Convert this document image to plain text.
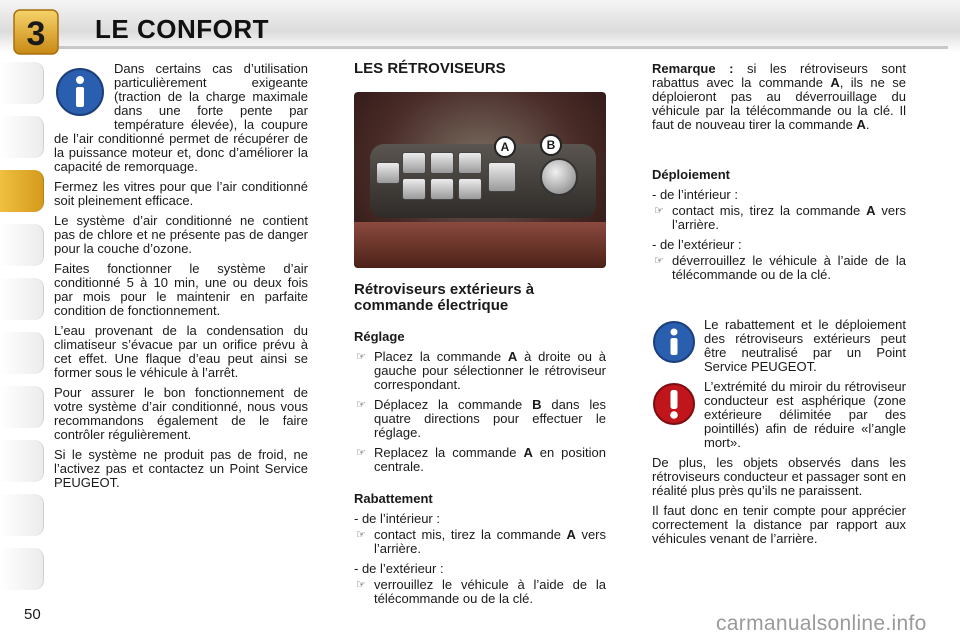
3 LE CONFORT

Dans certains cas d’utilisation particulièrement exigeante (traction de la charge maximale dans une forte pente par température élevée), la coupure de l’air conditionné permet de récupérer de la puissance moteur et, donc d’améliorer la capacité de remorquage.

Fermez les vitres pour que l’air conditionné soit pleinement efficace.

Le système d’air conditionné ne contient pas de chlore et ne présente pas de danger pour la couche d’ozone.

Faites fonctionner le système d’air conditionné 5 à 10 min, une ou deux fois par mois pour le maintenir en parfaite condition de fonctionnement.

L’eau provenant de la condensation du climatiseur s’évacue par un orifice prévu à cet effet. Une flaque d’eau peut ainsi se former sous le véhicule à l’arrêt.

Pour assurer le bon fonctionnement de votre système d’air conditionné, nous vous recommandons également de le faire contrôler régulièrement.

Si le système ne produit pas de froid, ne l’activez pas et contactez un Point Service PEUGEOT.

LES RÉTROVISEURS
A	B
Rétroviseurs extérieurs à commande électrique
Réglage
☞ Placez la commande A à droite ou à gauche pour sélectionner le rétroviseur correspondant.
☞ Déplacez la commande B dans les quatre directions pour effectuer le réglage.
☞ Replacez la commande A en position centrale.
Rabattement
- de l’intérieur :
☞ contact mis, tirez la commande A vers l’arrière.
- de l’extérieur :
☞ verrouillez le véhicule à l’aide de la télécommande ou de la clé.

Remarque : si les rétroviseurs sont rabattus avec la commande A, ils ne se déploieront pas au déverrouillage du véhicule par la télécommande ou la clé. Il faut de nouveau tirer la commande A.

Déploiement
- de l’intérieur :
☞ contact mis, tirez la commande A vers l’arrière.
- de l’extérieur :
☞ déverrouillez le véhicule à l’aide de la télécommande ou de la clé.
Le rabattement et le déploiement des rétroviseurs extérieurs peut être neutralisé par un Point Service PEUGEOT.
L’extrémité du miroir du rétroviseur conducteur est asphérique (zone extérieure délimitée par des pointillés) afin de réduire «l’angle mort».

De plus, les objets observés dans les rétroviseurs conducteur et passager sont en réalité plus près qu’ils ne paraissent.

Il faut donc en tenir compte pour apprécier correctement la distance par rapport aux véhicules venant de l’arrière.

50	carmanualsonline.info
